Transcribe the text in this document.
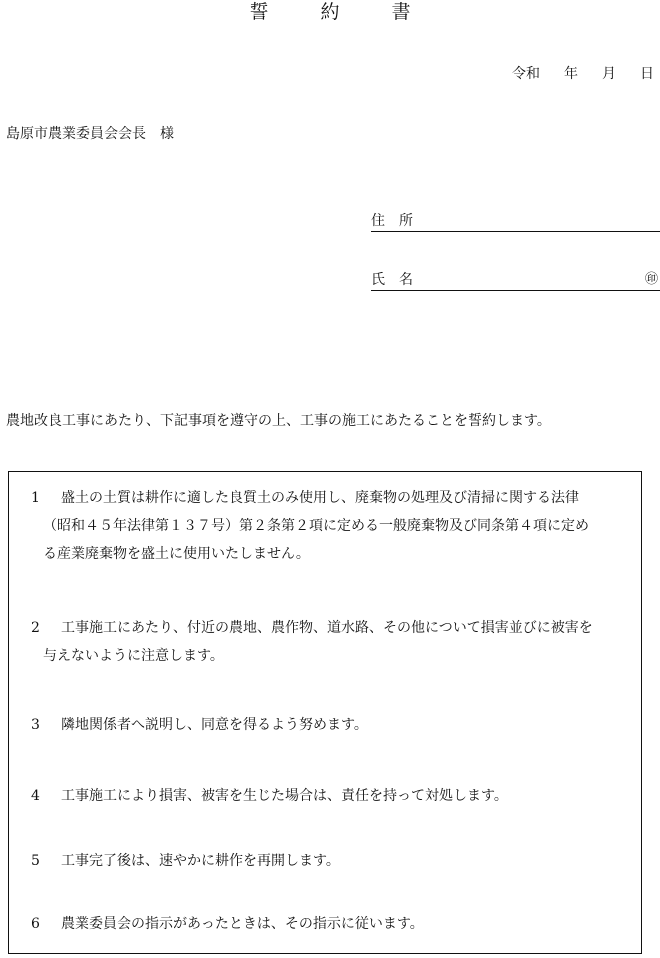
誓	約	書
令和 年 月 日
島原市農業委員会会長　様
住　所
氏　名	㊞
農地改良工事にあたり、下記事項を遵守の上、工事の施工にあたることを誓約します。
1 盛土の土質は耕作に適した良質土のみ使用し、廃棄物の処理及び清掃に関する法律
（昭和４５年法律第１３７号）第２条第２項に定める一般廃棄物及び同条第４項に定め
る産業廃棄物を盛土に使用いたしません。
2 工事施工にあたり、付近の農地、農作物、道水路、その他について損害並びに被害を
与えないように注意します。
3 隣地関係者へ説明し、同意を得るよう努めます。
4 工事施工により損害、被害を生じた場合は、責任を持って対処します。
5 工事完了後は、速やかに耕作を再開します。
6 農業委員会の指示があったときは、その指示に従います。
